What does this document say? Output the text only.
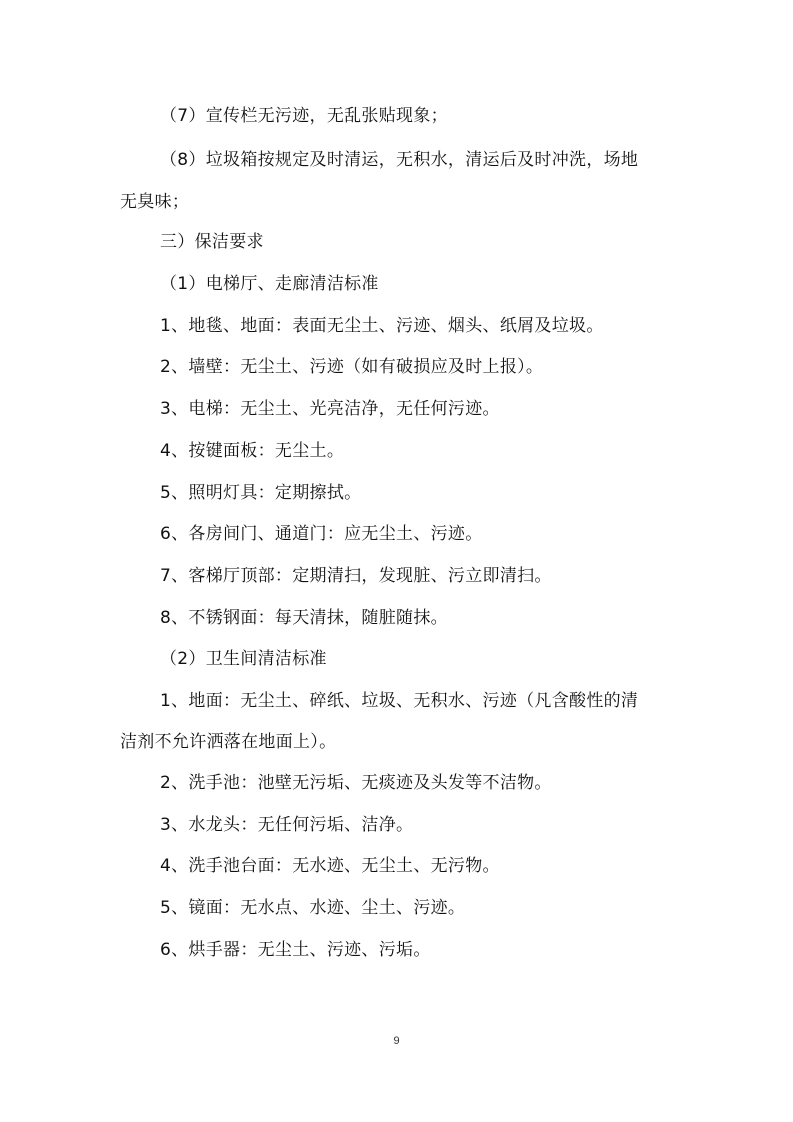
（7）宣传栏无污迹，无乱张贴现象；
（8）垃圾箱按规定及时清运，无积水，清运后及时冲洗，场地
无臭味；
三）保洁要求
（1）电梯厅、走廊清洁标准
1、地毯、地面：表面无尘土、污迹、烟头、纸屑及垃圾。
2、墙壁：无尘土、污迹（如有破损应及时上报）。
3、电梯：无尘土、光亮洁净，无任何污迹。
4、按键面板：无尘土。
5、照明灯具：定期擦拭。
6、各房间门、通道门：应无尘土、污迹。
7、客梯厅顶部：定期清扫，发现脏、污立即清扫。
8、不锈钢面：每天清抹，随脏随抹。
（2）卫生间清洁标准
1、地面：无尘土、碎纸、垃圾、无积水、污迹（凡含酸性的清
洁剂不允许洒落在地面上）。
2、洗手池：池壁无污垢、无痰迹及头发等不洁物。
3、水龙头：无任何污垢、洁净。
4、洗手池台面：无水迹、无尘土、无污物。
5、镜面：无水点、水迹、尘土、污迹。
6、烘手器：无尘土、污迹、污垢。
9
